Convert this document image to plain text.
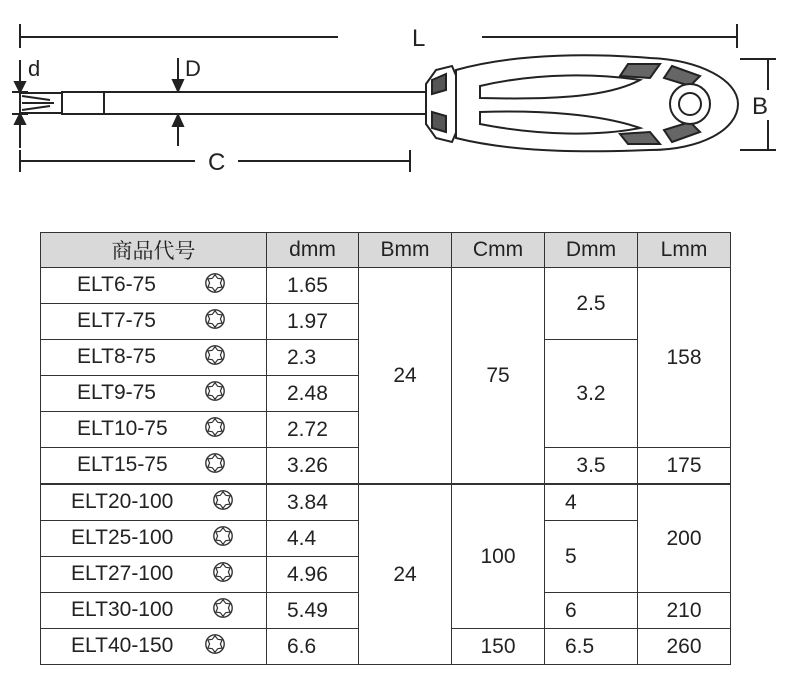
L
d	D
C
B
商品代号	dmm	Bmm	Cmm	Dmm	Lmm
ELT6-75	1.65	24	75	2.5	158
ELT7-75	1.97				
ELT8-75	2.3			3.2	
ELT9-75	2.48				
ELT10-75	2.72				
ELT15-75	3.26			3.5	175
ELT20-100	3.84	24	100	4	200
ELT25-100	4.4			5	
ELT27-100	4.96				
ELT30-100	5.49			6	210
ELT40-150	6.6		150	6.5	260
